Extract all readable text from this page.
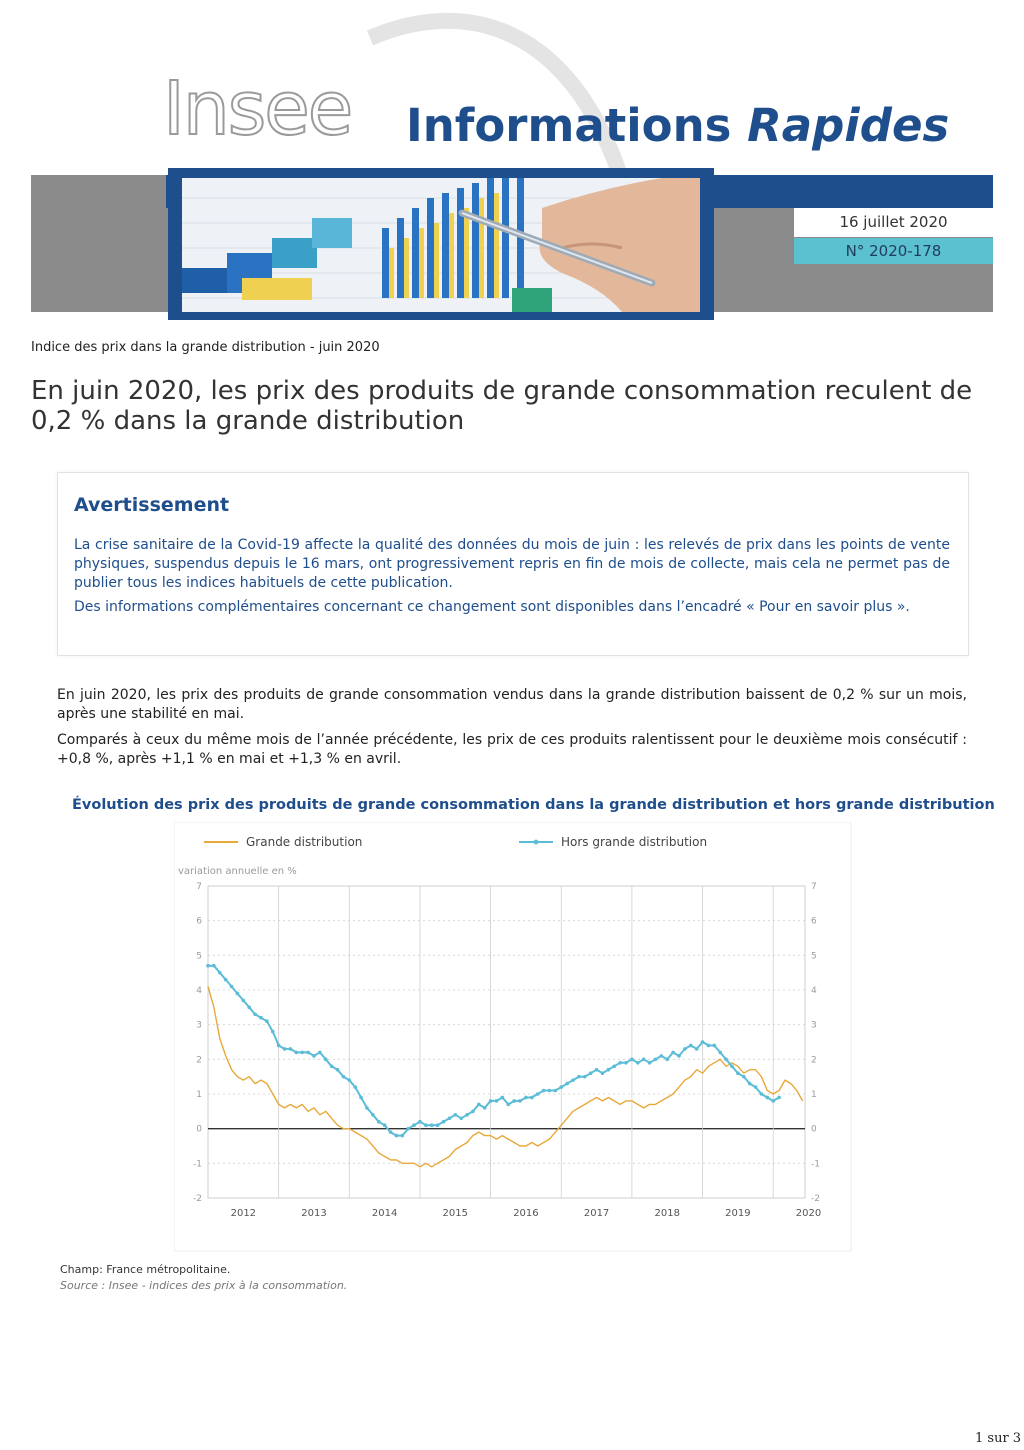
Insee Informations Rapides
16 juillet 2020
N° 2020-178
Indice des prix dans la grande distribution - juin 2020
En juin 2020, les prix des produits de grande consommation reculent de 0,2 % dans la grande distribution
Avertissement

La crise sanitaire de la Covid-19 affecte la qualité des données du mois de juin : les relevés de prix dans les points de vente physiques, suspendus depuis le 16 mars, ont progressivement repris en fin de mois de collecte, mais cela ne permet pas de publier tous les indices habituels de cette publication.

Des informations complémentaires concernant ce changement sont disponibles dans l’encadré « Pour en savoir plus ».

En juin 2020, les prix des produits de grande consommation vendus dans la grande distribution baissent de 0,2 % sur un mois, après une stabilité en mai.

Comparés à ceux du même mois de l’année précédente, les prix de ces produits ralentissent pour le deuxième mois consécutif : +0,8 %, après +1,1 % en mai et +1,3 % en avril.

Évolution des prix des produits de grande consommation dans la grande distribution et hors grande distribution
Grande distribution	Hors grande distribution
variation annuelle en %
7	7
6	6
5	5
4	4
3	3
2	2
1	1
0	0
-1	-1
-2	-2
2012	2013	2014	2015	2016	2017	2018	2019	2020
Champ: France métropolitaine.
Source : Insee - indices des prix à la consommation.
1 sur 3
